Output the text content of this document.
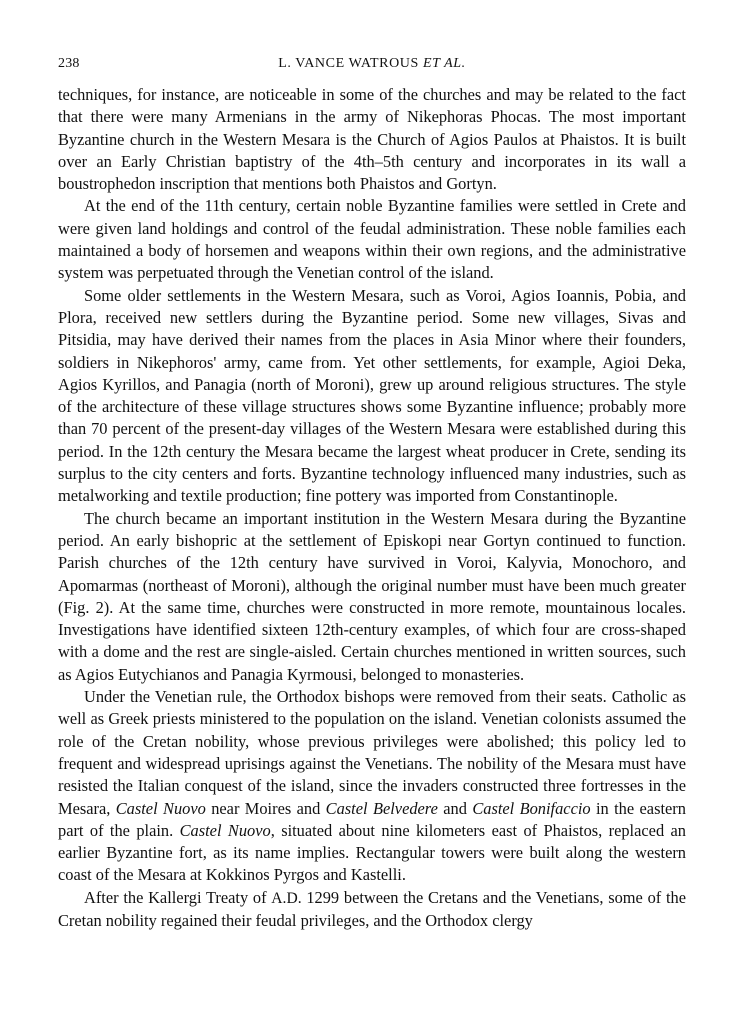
238	L. VANCE WATROUS ET AL.

techniques, for instance, are noticeable in some of the churches and may be related to the fact that there were many Armenians in the army of Nikephoras Phocas. The most important Byzantine church in the Western Mesara is the Church of Agios Paulos at Phaistos. It is built over an Early Christian baptistry of the 4th–5th century and incorporates in its wall a boustrophedon inscription that mentions both Phaistos and Gortyn.

At the end of the 11th century, certain noble Byzantine families were settled in Crete and were given land holdings and control of the feudal administration. These noble families each maintained a body of horsemen and weapons within their own regions, and the administrative system was perpetuated through the Venetian control of the island.

Some older settlements in the Western Mesara, such as Voroi, Agios Ioannis, Pobia, and Plora, received new settlers during the Byzantine period. Some new villages, Sivas and Pitsidia, may have derived their names from the places in Asia Minor where their founders, soldiers in Nikephoros' army, came from. Yet other settlements, for example, Agioi Deka, Agios Kyrillos, and Panagia (north of Moroni), grew up around religious structures. The style of the architecture of these village structures shows some Byzantine influence; probably more than 70 percent of the present-day villages of the Western Mesara were established during this period. In the 12th century the Mesara became the largest wheat producer in Crete, sending its surplus to the city centers and forts. Byzantine technology influenced many industries, such as metalworking and textile production; fine pottery was imported from Constantinople.

The church became an important institution in the Western Mesara during the Byzantine period. An early bishopric at the settlement of Episkopi near Gortyn continued to function. Parish churches of the 12th century have survived in Voroi, Kalyvia, Monochoro, and Apomarmas (northeast of Moroni), although the original number must have been much greater (Fig. 2). At the same time, churches were constructed in more remote, mountainous locales. Investigations have identified sixteen 12th-century examples, of which four are cross-shaped with a dome and the rest are single-aisled. Certain churches mentioned in written sources, such as Agios Eutychianos and Panagia Kyrmousi, belonged to monasteries.

Under the Venetian rule, the Orthodox bishops were removed from their seats. Catholic as well as Greek priests ministered to the population on the island. Venetian colonists assumed the role of the Cretan nobility, whose previous privileges were abolished; this policy led to frequent and widespread uprisings against the Venetians. The nobility of the Mesara must have resisted the Italian conquest of the island, since the invaders constructed three fortresses in the Mesara, Castel Nuovo near Moires and Castel Belvedere and Castel Bonifaccio in the eastern part of the plain. Castel Nuovo, situated about nine kilometers east of Phaistos, replaced an earlier Byzantine fort, as its name implies. Rectangular towers were built along the western coast of the Mesara at Kokkinos Pyrgos and Kastelli.

After the Kallergi Treaty of A.D. 1299 between the Cretans and the Venetians, some of the Cretan nobility regained their feudal privileges, and the Orthodox clergy
